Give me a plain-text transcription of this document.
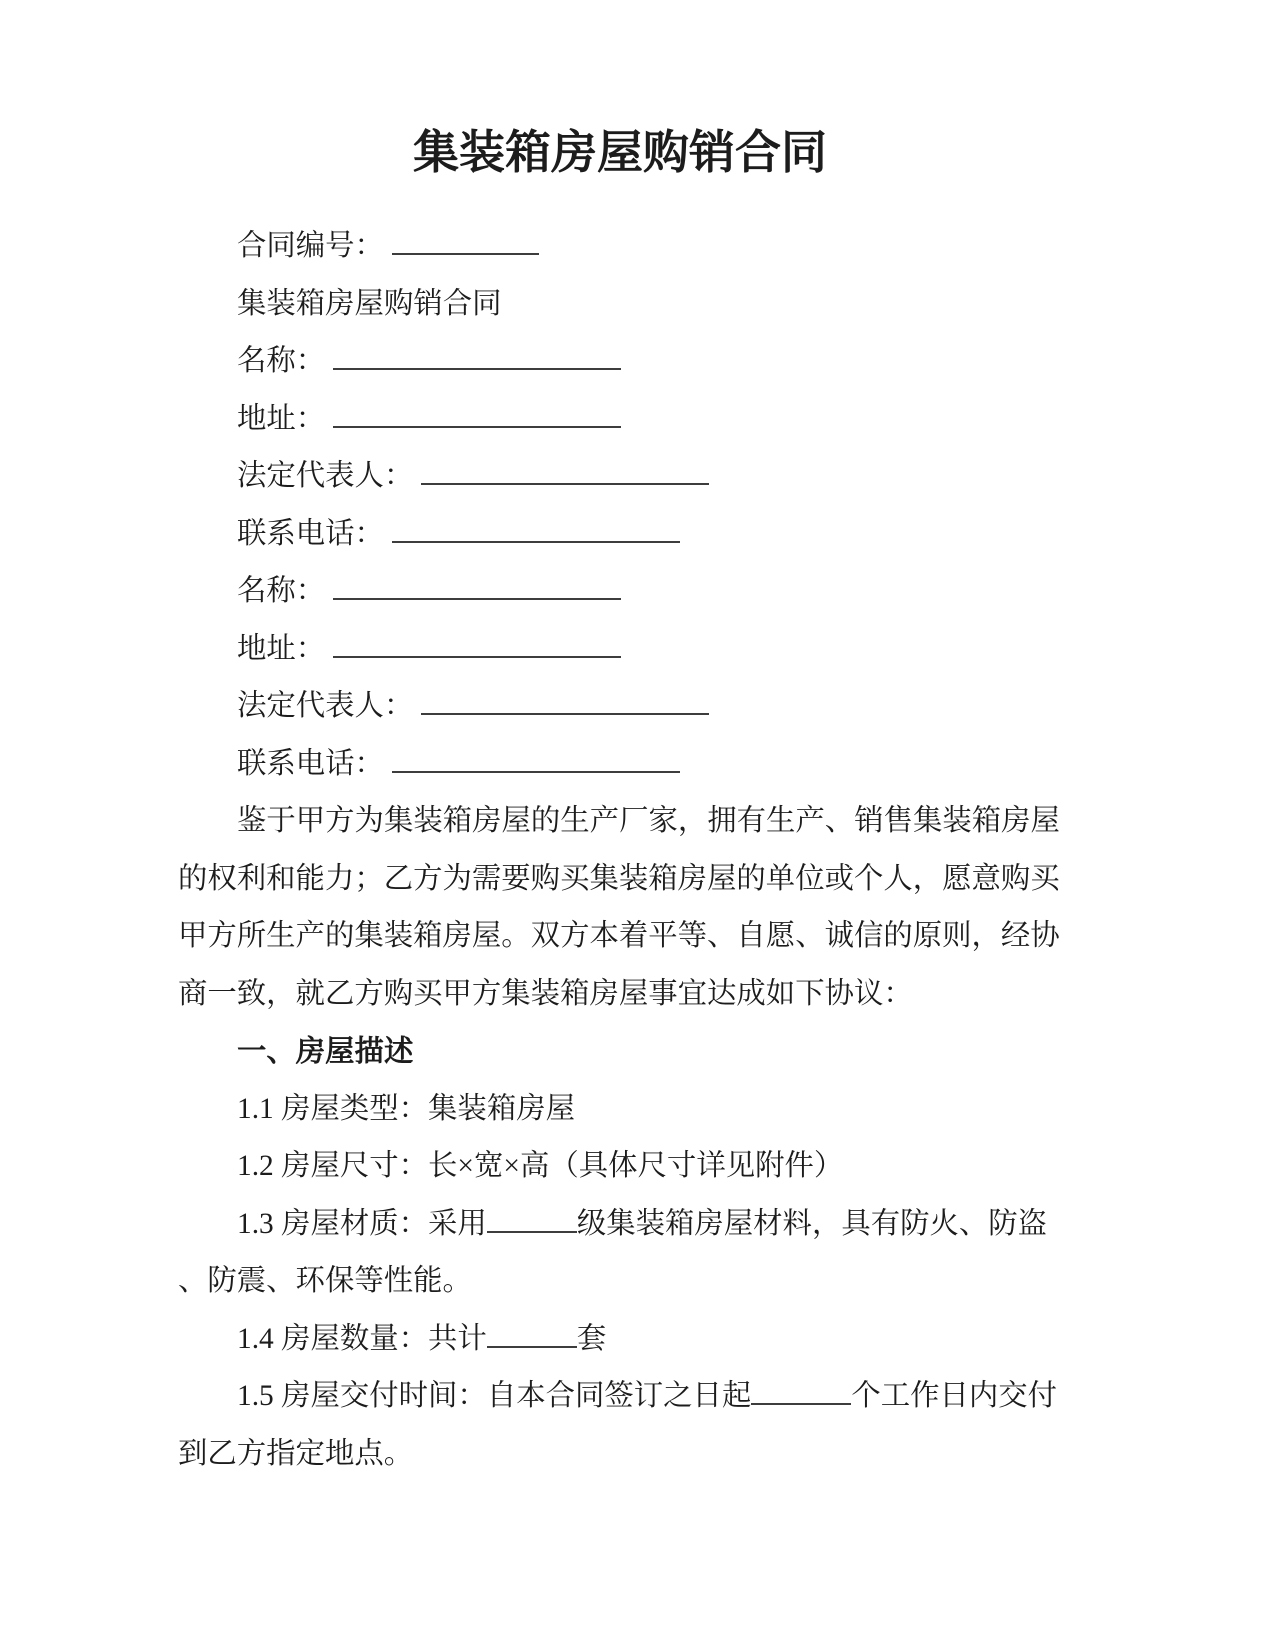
集装箱房屋购销合同
合同编号：
集装箱房屋购销合同
名称：
地址：
法定代表人：
联系电话：
名称：
地址：
法定代表人：
联系电话：
鉴于甲方为集装箱房屋的生产厂家，拥有生产、销售集装箱房屋
的权利和能力；乙方为需要购买集装箱房屋的单位或个人，愿意购买
甲方所生产的集装箱房屋。双方本着平等、自愿、诚信的原则，经协
商一致，就乙方购买甲方集装箱房屋事宜达成如下协议：
一、房屋描述
1.1 房屋类型：集装箱房屋
1.2 房屋尺寸：长×宽×高（具体尺寸详见附件）
1.3 房屋材质：采用	级集装箱房屋材料，具有防火、防盗
、防震、环保等性能。
1.4 房屋数量：共计	套
1.5 房屋交付时间：自本合同签订之日起	个工作日内交付
到乙方指定地点。
